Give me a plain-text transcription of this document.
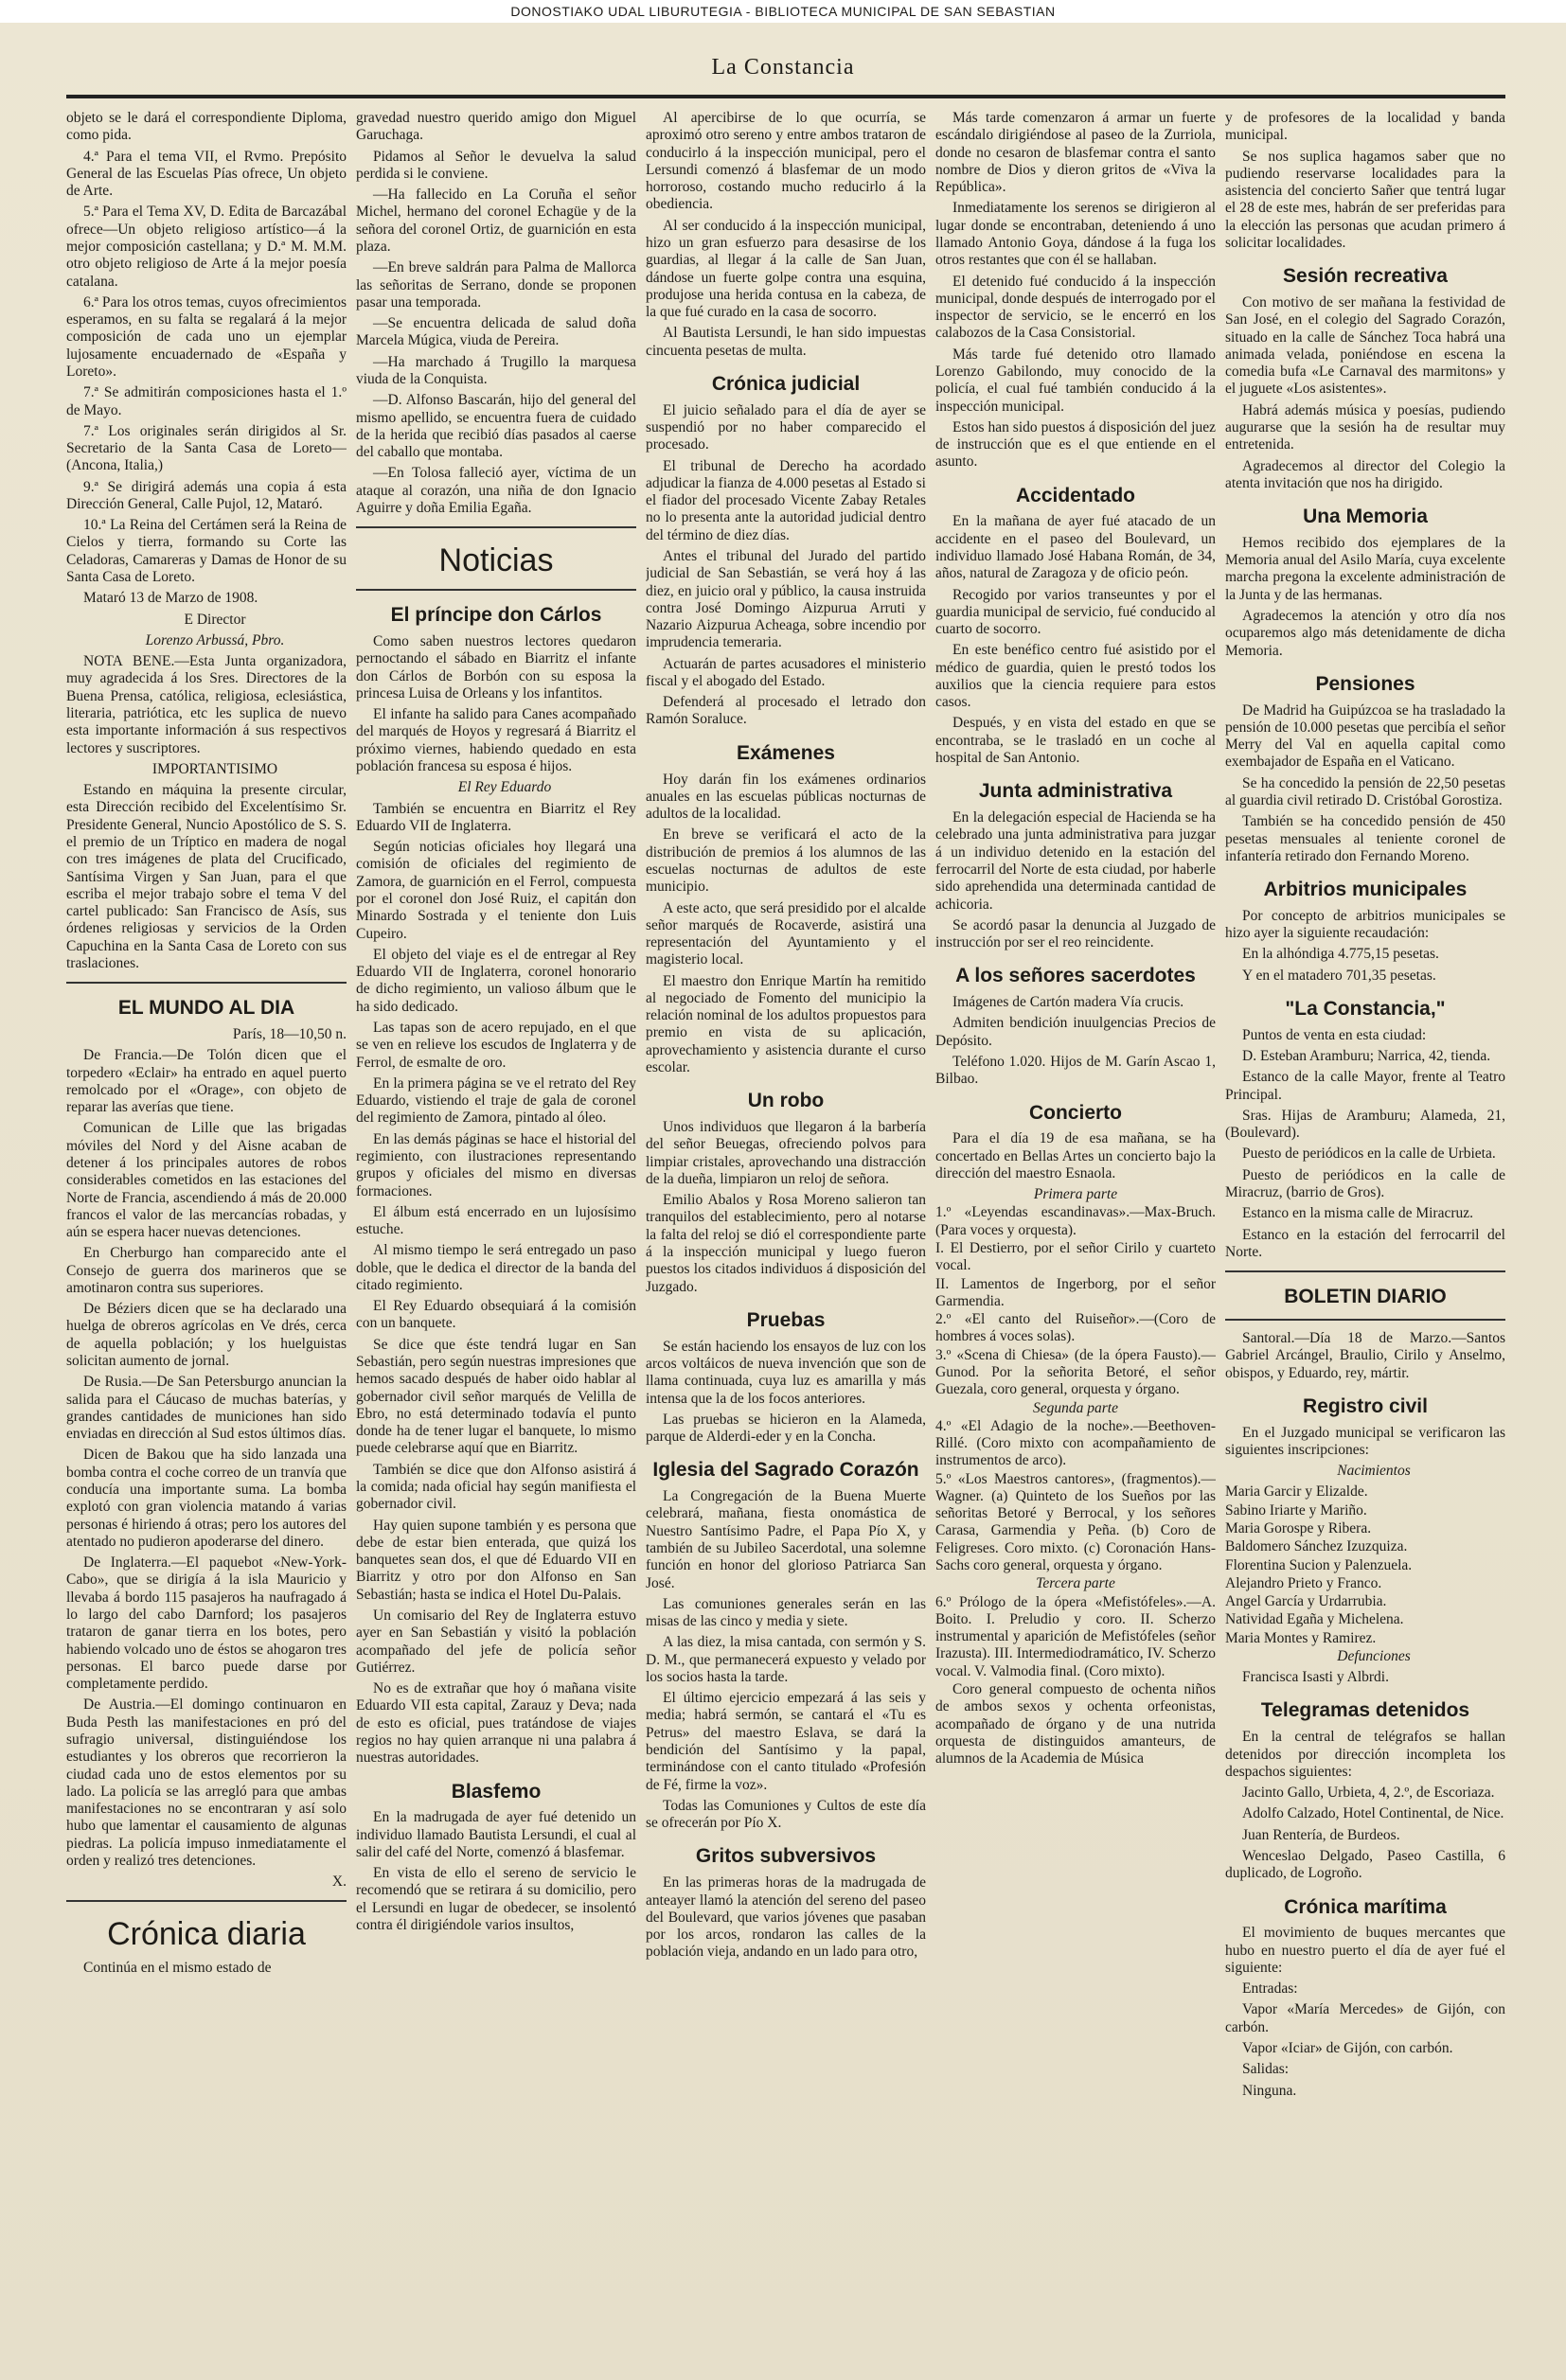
DONOSTIAKO UDAL LIBURUTEGIA - BIBLIOTECA MUNICIPAL DE SAN SEBASTIAN
La Constancia

objeto se le dará el correspondiente Diploma, como pida.

4.ª Para el tema VII, el Rvmo. Prepósito General de las Escuelas Pías ofrece, Un objeto de Arte.

5.ª Para el Tema XV, D. Edita de Barcazábal ofrece—Un objeto religioso artístico—á la mejor composición castellana; y D.ª M. M.M. otro objeto religioso de Arte á la mejor poesía catalana.

6.ª Para los otros temas, cuyos ofrecimientos esperamos, en su falta se regalará á la mejor composición de cada uno un ejemplar lujosamente encuadernado de «España y Loreto».

7.ª Se admitirán composiciones hasta el 1.º de Mayo.

7.ª Los originales serán dirigidos al Sr. Secretario de la Santa Casa de Loreto—(Ancona, Italia,)

9.ª Se dirigirá además una copia á esta Dirección General, Calle Pujol, 12, Mataró.

10.ª La Reina del Certámen será la Reina de Cielos y tierra, formando su Corte las Celadoras, Camareras y Damas de Honor de su Santa Casa de Loreto.

Mataró 13 de Marzo de 1908.

E Director

Lorenzo Arbussá, Pbro.

NOTA BENE.—Esta Junta organizadora, muy agradecida á los Sres. Directores de la Buena Prensa, católica, religiosa, eclesiástica, literaria, patriótica, etc les suplica de nuevo esta importante información á sus respectivos lectores y suscriptores.

IMPORTANTISIMO

Estando en máquina la presente circular, esta Dirección recibido del Excelentísimo Sr. Presidente General, Nuncio Apostólico de S. S. el premio de un Tríptico en madera de nogal con tres imágenes de plata del Crucificado, Santísima Virgen y San Juan, para el que escriba el mejor trabajo sobre el tema V del cartel publicado: San Francisco de Asís, sus órdenes religiosas y servicios de la Orden Capuchina en la Santa Casa de Loreto con sus traslaciones.

EL MUNDO AL DIA

París, 18—10,50 n.

De Francia.—De Tolón dicen que el torpedero «Eclair» ha entrado en aquel puerto remolcado por el «Orage», con objeto de reparar las averías que tiene.

Comunican de Lille que las brigadas móviles del Nord y del Aisne acaban de detener á los principales autores de robos considerables cometidos en las estaciones del Norte de Francia, ascendiendo á más de 20.000 francos el valor de las mercancías robadas, y aún se espera hacer nuevas detenciones.

En Cherburgo han comparecido ante el Consejo de guerra dos marineros que se amotinaron contra sus superiores.

De Béziers dicen que se ha declarado una huelga de obreros agrícolas en Ve drés, cerca de aquella población; y los huelguistas solicitan aumento de jornal.

De Rusia.—De San Petersburgo anuncian la salida para el Cáucaso de muchas baterías, y grandes cantidades de municiones han sido enviadas en dirección al Sud estos últimos días.

Dicen de Bakou que ha sido lanzada una bomba contra el coche correo de un tranvía que conducía una importante suma. La bomba explotó con gran violencia matando á varias personas é hiriendo á otras; pero los autores del atentado no pudieron apoderarse del dinero.

De Inglaterra.—El paquebot «New-York-Cabo», que se dirigía á la isla Mauricio y llevaba á bordo 115 pasajeros ha naufragado á lo largo del cabo Darnford; los pasajeros trataron de ganar tierra en los botes, pero habiendo volcado uno de éstos se ahogaron tres personas. El barco puede darse por completamente perdido.

De Austria.—El domingo continuaron en Buda Pesth las manifestaciones en pró del sufragio universal, distinguiéndose los estudiantes y los obreros que recorrieron la ciudad cada uno de estos elementos por su lado. La policía se las arregló para que ambas manifestaciones no se encontraran y así solo hubo que lamentar el causamiento de algunas piedras. La policía impuso inmediatamente el orden y realizó tres detenciones.

X.

Crónica diaria

Continúa en el mismo estado de

gravedad nuestro querido amigo don Miguel Garuchaga.

Pidamos al Señor le devuelva la salud perdida si le conviene.

—Ha fallecido en La Coruña el señor Michel, hermano del coronel Echagüe y de la señora del coronel Ortiz, de guarnición en esta plaza.

—En breve saldrán para Palma de Mallorca las señoritas de Serrano, donde se proponen pasar una temporada.

—Se encuentra delicada de salud doña Marcela Múgica, viuda de Pereira.

—Ha marchado á Trugillo la marquesa viuda de la Conquista.

—D. Alfonso Bascarán, hijo del general del mismo apellido, se encuentra fuera de cuidado de la herida que recibió días pasados al caerse del caballo que montaba.

—En Tolosa falleció ayer, víctima de un ataque al corazón, una niña de don Ignacio Aguirre y doña Emilia Egaña.

Noticias
El príncipe don Cárlos

Como saben nuestros lectores quedaron pernoctando el sábado en Biarritz el infante don Cárlos de Borbón con su esposa la princesa Luisa de Orleans y los infantitos.

El infante ha salido para Canes acompañado del marqués de Hoyos y regresará á Biarritz el próximo viernes, habiendo quedado en esta población francesa su esposa é hijos.

El Rey Eduardo

También se encuentra en Biarritz el Rey Eduardo VII de Inglaterra.

Según noticias oficiales hoy llegará una comisión de oficiales del regimiento de Zamora, de guarnición en el Ferrol, compuesta por el coronel don José Ruiz, el capitán don Minardo Sostrada y el teniente don Luis Cupeiro.

El objeto del viaje es el de entregar al Rey Eduardo VII de Inglaterra, coronel honorario de dicho regimiento, un valioso álbum que le ha sido dedicado.

Las tapas son de acero repujado, en el que se ven en relieve los escudos de Inglaterra y de Ferrol, de esmalte de oro.

En la primera página se ve el retrato del Rey Eduardo, vistiendo el traje de gala de coronel del regimiento de Zamora, pintado al óleo.

En las demás páginas se hace el historial del regimiento, con ilustraciones representando grupos y oficiales del mismo en diversas formaciones.

El álbum está encerrado en un lujosísimo estuche.

Al mismo tiempo le será entregado un paso doble, que le dedica el director de la banda del citado regimiento.

El Rey Eduardo obsequiará á la comisión con un banquete.

Se dice que éste tendrá lugar en San Sebastián, pero según nuestras impresiones que hemos sacado después de haber oido hablar al gobernador civil señor marqués de Velilla de Ebro, no está determinado todavía el punto donde ha de tener lugar el banquete, lo mismo puede celebrarse aquí que en Biarritz.

También se dice que don Alfonso asistirá á la comida; nada oficial hay según manifiesta el gobernador civil.

Hay quien supone también y es persona que debe de estar bien enterada, que quizá los banquetes sean dos, el que dé Eduardo VII en Biarritz y otro por don Alfonso en San Sebastián; hasta se indica el Hotel Du-Palais.

Un comisario del Rey de Inglaterra estuvo ayer en San Sebastián y visitó la población acompañado del jefe de policía señor Gutiérrez.

No es de extrañar que hoy ó mañana visite Eduardo VII esta capital, Zarauz y Deva; nada de esto es oficial, pues tratándose de viajes regios no hay quien arranque ni una palabra á nuestras autoridades.

Blasfemo

En la madrugada de ayer fué detenido un individuo llamado Bautista Lersundi, el cual al salir del café del Norte, comenzó á blasfemar.

En vista de ello el sereno de servicio le recomendó que se retirara á su domicilio, pero el Lersundi en lugar de obedecer, se insolentó contra él dirigiéndole varios insultos,

Al apercibirse de lo que ocurría, se aproximó otro sereno y entre ambos trataron de conducirlo á la inspección municipal, pero el Lersundi comenzó á blasfemar de un modo horroroso, costando mucho reducirlo á la obediencia.

Al ser conducido á la inspección municipal, hizo un gran esfuerzo para desasirse de los guardias, al llegar á la calle de San Juan, dándose un fuerte golpe contra una esquina, produjose una herida contusa en la cabeza, de la que fué curado en la casa de socorro.

Al Bautista Lersundi, le han sido impuestas cincuenta pesetas de multa.

Crónica judicial

El juicio señalado para el día de ayer se suspendió por no haber comparecido el procesado.

El tribunal de Derecho ha acordado adjudicar la fianza de 4.000 pesetas al Estado si el fiador del procesado Vicente Zabay Retales no lo presenta ante la autoridad judicial dentro del término de diez días.

Antes el tribunal del Jurado del partido judicial de San Sebastián, se verá hoy á las diez, en juicio oral y público, la causa instruida contra José Domingo Aizpurua Arruti y Nazario Aizpurua Acheaga, sobre incendio por imprudencia temeraria.

Actuarán de partes acusadores el ministerio fiscal y el abogado del Estado.

Defenderá al procesado el letrado don Ramón Soraluce.

Exámenes

Hoy darán fin los exámenes ordinarios anuales en las escuelas públicas nocturnas de adultos de la localidad.

En breve se verificará el acto de la distribución de premios á los alumnos de las escuelas nocturnas de adultos de este municipio.

A este acto, que será presidido por el alcalde señor marqués de Rocaverde, asistirá una representación del Ayuntamiento y el magisterio local.

El maestro don Enrique Martín ha remitido al negociado de Fomento del municipio la relación nominal de los adultos propuestos para premio en vista de su aplicación, aprovechamiento y asistencia durante el curso escolar.

Un robo

Unos individuos que llegaron á la barbería del señor Beuegas, ofreciendo polvos para limpiar cristales, aprovechando una distracción de la dueña, limpiaron un reloj de señora.

Emilio Abalos y Rosa Moreno salieron tan tranquilos del establecimiento, pero al notarse la falta del reloj se dió el correspondiente parte á la inspección municipal y luego fueron puestos los citados individuos á disposición del Juzgado.

Pruebas

Se están haciendo los ensayos de luz con los arcos voltáicos de nueva invención que son de llama continuada, cuya luz es amarilla y más intensa que la de los focos anteriores.

Las pruebas se hicieron en la Alameda, parque de Alderdi-eder y en la Concha.

Iglesia del Sagrado Corazón

La Congregación de la Buena Muerte celebrará, mañana, fiesta onomástica de Nuestro Santísimo Padre, el Papa Pío X, y también de su Jubileo Sacerdotal, una solemne función en honor del glorioso Patriarca San José.

Las comuniones generales serán en las misas de las cinco y media y siete.

A las diez, la misa cantada, con sermón y S. D. M., que permanecerá expuesto y velado por los socios hasta la tarde.

El último ejercicio empezará á las seis y media; habrá sermón, se cantará el «Tu es Petrus» del maestro Eslava, se dará la bendición del Santísimo y la papal, terminándose con el canto titulado «Profesión de Fé, firme la voz».

Todas las Comuniones y Cultos de este día se ofrecerán por Pío X.

Gritos subversivos

En las primeras horas de la madrugada de anteayer llamó la atención del sereno del paseo del Boulevard, que varios jóvenes que pasaban por los arcos, rondaron las calles de la población vieja, andando en un lado para otro,

Más tarde comenzaron á armar un fuerte escándalo dirigiéndose al paseo de la Zurriola, donde no cesaron de blasfemar contra el santo nombre de Dios y dieron gritos de «Viva la República».

Inmediatamente los serenos se dirigieron al lugar donde se encontraban, deteniendo á uno llamado Antonio Goya, dándose á la fuga los otros restantes que con él se hallaban.

El detenido fué conducido á la inspección municipal, donde después de interrogado por el inspector de servicio, se le encerró en los calabozos de la Casa Consistorial.

Más tarde fué detenido otro llamado Lorenzo Gabilondo, muy conocido de la policía, el cual fué también conducido á la inspección municipal.

Estos han sido puestos á disposición del juez de instrucción que es el que entiende en el asunto.

Accidentado

En la mañana de ayer fué atacado de un accidente en el paseo del Boulevard, un individuo llamado José Habana Román, de 34, años, natural de Zaragoza y de oficio peón.

Recogido por varios transeuntes y por el guardia municipal de servicio, fué conducido al cuarto de socorro.

En este benéfico centro fué asistido por el médico de guardia, quien le prestó todos los auxilios que la ciencia requiere para estos casos.

Después, y en vista del estado en que se encontraba, se le trasladó en un coche al hospital de San Antonio.

Junta administrativa

En la delegación especial de Hacienda se ha celebrado una junta administrativa para juzgar á un individuo detenido en la estación del ferrocarril del Norte de esta ciudad, por haberle sido aprehendida una determinada cantidad de achicoria.

Se acordó pasar la denuncia al Juzgado de instrucción por ser el reo reincidente.

A los señores sacerdotes

Imágenes de Cartón madera Vía crucis.

Admiten bendición inuulgencias Precios de Depósito.

Teléfono 1.020. Hijos de M. Garín Ascao 1, Bilbao.

Concierto

Para el día 19 de esa mañana, se ha concertado en Bellas Artes un concierto bajo la dirección del maestro Esnaola.

Primera parte

1.º «Leyendas escandinavas».—Max-Bruch. (Para voces y orquesta).

I. El Destierro, por el señor Cirilo y cuarteto vocal.

II. Lamentos de Ingerborg, por el señor Garmendia.

2.º «El canto del Ruiseñor».—(Coro de hombres á voces solas).

3.º «Scena di Chiesa» (de la ópera Fausto).—Gunod. Por la señorita Betoré, el señor Guezala, coro general, orquesta y órgano.

Segunda parte

4.º «El Adagio de la noche».—Beethoven-Rillé. (Coro mixto con acompañamiento de instrumentos de arco).

5.º «Los Maestros cantores», (fragmentos).—Wagner. (a) Quinteto de los Sueños por las señoritas Betoré y Berrocal, y los señores Carasa, Garmendia y Peña. (b) Coro de Feligreses. Coro mixto. (c) Coronación Hans-Sachs coro general, orquesta y órgano.

Tercera parte

6.º Prólogo de la ópera «Mefistófeles».—A. Boito. I. Preludio y coro. II. Scherzo instrumental y aparición de Mefistófeles (señor Irazusta). III. Intermediodramático, IV. Scherzo vocal. V. Valmodia final. (Coro mixto).

Coro general compuesto de ochenta niños de ambos sexos y ochenta orfeonistas, acompañado de órgano y de una nutrida orquesta de distinguidos amanteurs, de alumnos de la Academia de Música

y de profesores de la localidad y banda municipal.

Se nos suplica hagamos saber que no pudiendo reservarse localidades para la asistencia del concierto Sañer que tentrá lugar el 28 de este mes, habrán de ser preferidas para la elección las personas que acudan primero á solicitar localidades.

Sesión recreativa

Con motivo de ser mañana la festividad de San José, en el colegio del Sagrado Corazón, situado en la calle de Sánchez Toca habrá una animada velada, poniéndose en escena la comedia bufa «Le Carnaval des marmitons» y el juguete «Los asistentes».

Habrá además música y poesías, pudiendo augurarse que la sesión ha de resultar muy entretenida.

Agradecemos al director del Colegio la atenta invitación que nos ha dirigido.

Una Memoria

Hemos recibido dos ejemplares de la Memoria anual del Asilo María, cuya excelente marcha pregona la excelente administración de la Junta y de las hermanas.

Agradecemos la atención y otro día nos ocuparemos algo más detenidamente de dicha Memoria.

Pensiones

De Madrid ha Guipúzcoa se ha trasladado la pensión de 10.000 pesetas que percibía el señor Merry del Val en aquella capital como exembajador de España en el Vaticano.

Se ha concedido la pensión de 22,50 pesetas al guardia civil retirado D. Cristóbal Gorostiza.

También se ha concedido pensión de 450 pesetas mensuales al teniente coronel de infantería retirado don Fernando Moreno.

Arbitrios municipales

Por concepto de arbitrios municipales se hizo ayer la siguiente recaudación:

En la alhóndiga 4.775,15 pesetas.

Y en el matadero 701,35 pesetas.

"La Constancia,"

Puntos de venta en esta ciudad:

D. Esteban Aramburu; Narrica, 42, tienda.

Estanco de la calle Mayor, frente al Teatro Principal.

Sras. Hijas de Aramburu; Alameda, 21, (Boulevard).

Puesto de periódicos en la calle de Urbieta.

Puesto de periódicos en la calle de Miracruz, (barrio de Gros).

Estanco en la misma calle de Miracruz.

Estanco en la estación del ferrocarril del Norte.

BOLETIN DIARIO

Santoral.—Día 18 de Marzo.—Santos Gabriel Arcángel, Braulio, Cirilo y Anselmo, obispos, y Eduardo, rey, mártir.

Registro civil

En el Juzgado municipal se verificaron las siguientes inscripciones:

Nacimientos

Maria Garcir y Elizalde.

Sabino Iriarte y Mariño.

Maria Gorospe y Ribera.

Baldomero Sánchez Izuzquiza.

Florentina Sucion y Palenzuela.

Alejandro Prieto y Franco.

Angel García y Urdarrubia.

Natividad Egaña y Michelena.

Maria Montes y Ramirez.

Defunciones

Francisca Isasti y Albrdi.

Telegramas detenidos

En la central de telégrafos se hallan detenidos por dirección incompleta los despachos siguientes:

Jacinto Gallo, Urbieta, 4, 2.º, de Escoriaza.

Adolfo Calzado, Hotel Continental, de Nice.

Juan Rentería, de Burdeos.

Wenceslao Delgado, Paseo Castilla, 6 duplicado, de Logroño.

Crónica marítima

El movimiento de buques mercantes que hubo en nuestro puerto el día de ayer fué el siguiente:

Entradas:

Vapor «María Mercedes» de Gijón, con carbón.

Vapor «Iciar» de Gijón, con carbón.

Salidas:

Ninguna.
